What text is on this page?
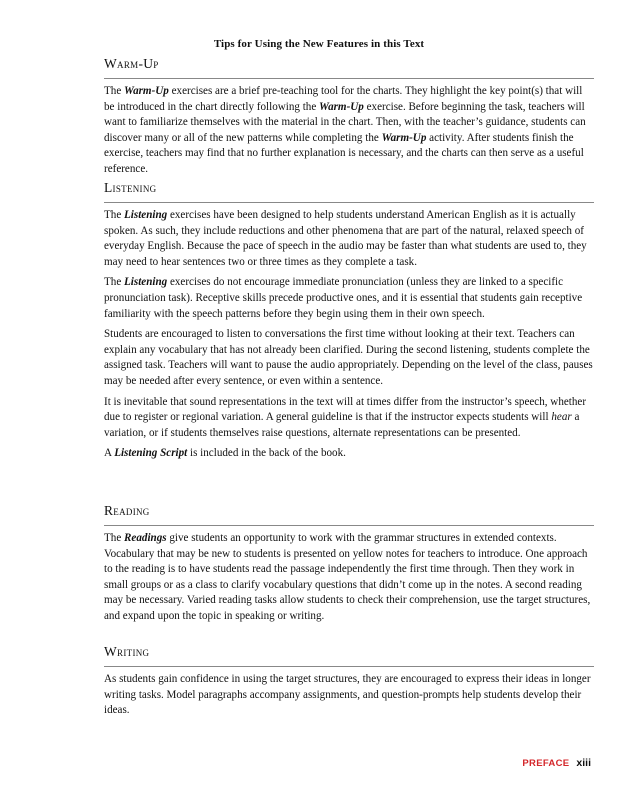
Tips for Using the New Features in this Text
Warm-Up

The Warm-Up exercises are a brief pre-teaching tool for the charts. They highlight the key point(s) that will be introduced in the chart directly following the Warm-Up exercise. Before beginning the task, teachers will want to familiarize themselves with the material in the chart. Then, with the teacher’s guidance, students can discover many or all of the new patterns while completing the Warm-Up activity. After students finish the exercise, teachers may find that no further explanation is necessary, and the charts can then serve as a useful reference.

Listening

The Listening exercises have been designed to help students understand American English as it is actually spoken. As such, they include reductions and other phenomena that are part of the natural, relaxed speech of everyday English. Because the pace of speech in the audio may be faster than what students are used to, they may need to hear sentences two or three times as they complete a task.

The Listening exercises do not encourage immediate pronunciation (unless they are linked to a specific pronunciation task). Receptive skills precede productive ones, and it is essential that students gain receptive familiarity with the speech patterns before they begin using them in their own speech.

Students are encouraged to listen to conversations the first time without looking at their text. Teachers can explain any vocabulary that has not already been clarified. During the second listening, students complete the assigned task. Teachers will want to pause the audio appropriately. Depending on the level of the class, pauses may be needed after every sentence, or even within a sentence.

It is inevitable that sound representations in the text will at times differ from the instructor’s speech, whether due to register or regional variation. A general guideline is that if the instructor expects students will hear a variation, or if students themselves raise questions, alternate representations can be presented.

A Listening Script is included in the back of the book.

Reading

The Readings give students an opportunity to work with the grammar structures in extended contexts. Vocabulary that may be new to students is presented on yellow notes for teachers to introduce. One approach to the reading is to have students read the passage independently the first time through. Then they work in small groups or as a class to clarify vocabulary questions that didn’t come up in the notes. A second reading may be necessary. Varied reading tasks allow students to check their comprehension, use the target structures, and expand upon the topic in speaking or writing.

Writing

As students gain confidence in using the target structures, they are encouraged to express their ideas in longer writing tasks. Model paragraphs accompany assignments, and question-prompts help students develop their ideas.

PREFACE xiii
